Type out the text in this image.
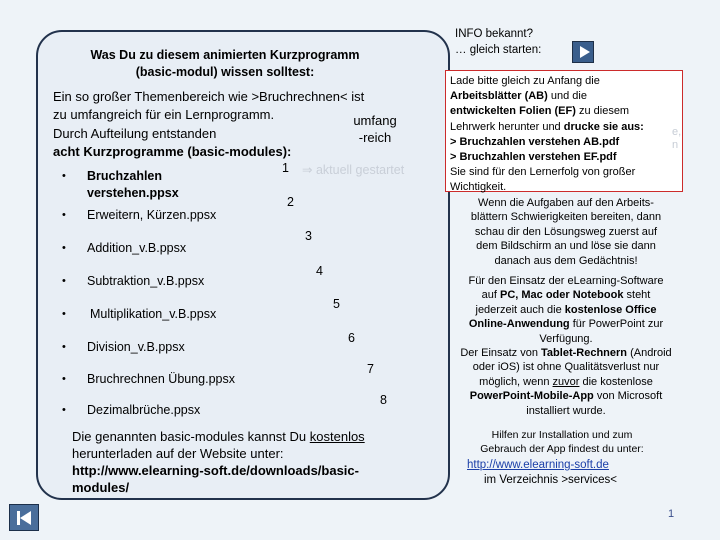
Was Du zu diesem animierten Kurzprogramm
(basic-modul) wissen solltest:
Ein so großer Themenbereich wie >Bruchrechnen< ist
zu umfangreich für ein Lernprogramm.
Durch Aufteilung entstanden
acht Kurzprogramme (basic-modules):
umfang
-reich
⇒ aktuell gestartet
• Bruchzahlen
verstehen.ppsx
1
• Erweitern, Kürzen.ppsx
2
• Addition_v.B.ppsx
3
• Subtraktion_v.B.ppsx
4
• Multiplikation_v.B.ppsx
5
• Division_v.B.ppsx
6
• Bruchrechnen Übung.ppsx
7
• Dezimalbrüche.ppsx
8
Die genannten basic-modules kannst Du kostenlos
herunterladen auf der Website unter:
http://www.elearning-soft.de/downloads/basic-
modules/
INFO bekannt?
… gleich starten:
Lade bitte gleich zu Anfang die
Arbeitsblätter (AB) und die
entwickelten Folien (EF) zu diesem
Lehrwerk herunter und drucke sie aus:
> Bruchzahlen verstehen AB.pdf
> Bruchzahlen verstehen EF.pdf
Sie sind für den Lernerfolg von großer
Wichtigkeit.
e,
n
Wenn die Aufgaben auf den Arbeits-
blättern Schwierigkeiten bereiten, dann
schau dir den Lösungsweg zuerst auf
dem Bildschirm an und löse sie dann
danach aus dem Gedächtnis!
Für den Einsatz der eLearning-Software
auf PC, Mac oder Notebook steht
jederzeit auch die kostenlose Office
Online-Anwendung für PowerPoint zur
Verfügung.
Der Einsatz von Tablet-Rechnern (Android
oder iOS) ist ohne Qualitätsverlust nur
möglich, wenn zuvor die kostenlose
PowerPoint-Mobile-App von Microsoft
installiert wurde.
Hilfen zur Installation und zum
Gebrauch der App findest du unter:
http://www.elearning-soft.de
im Verzeichnis >services<
1
